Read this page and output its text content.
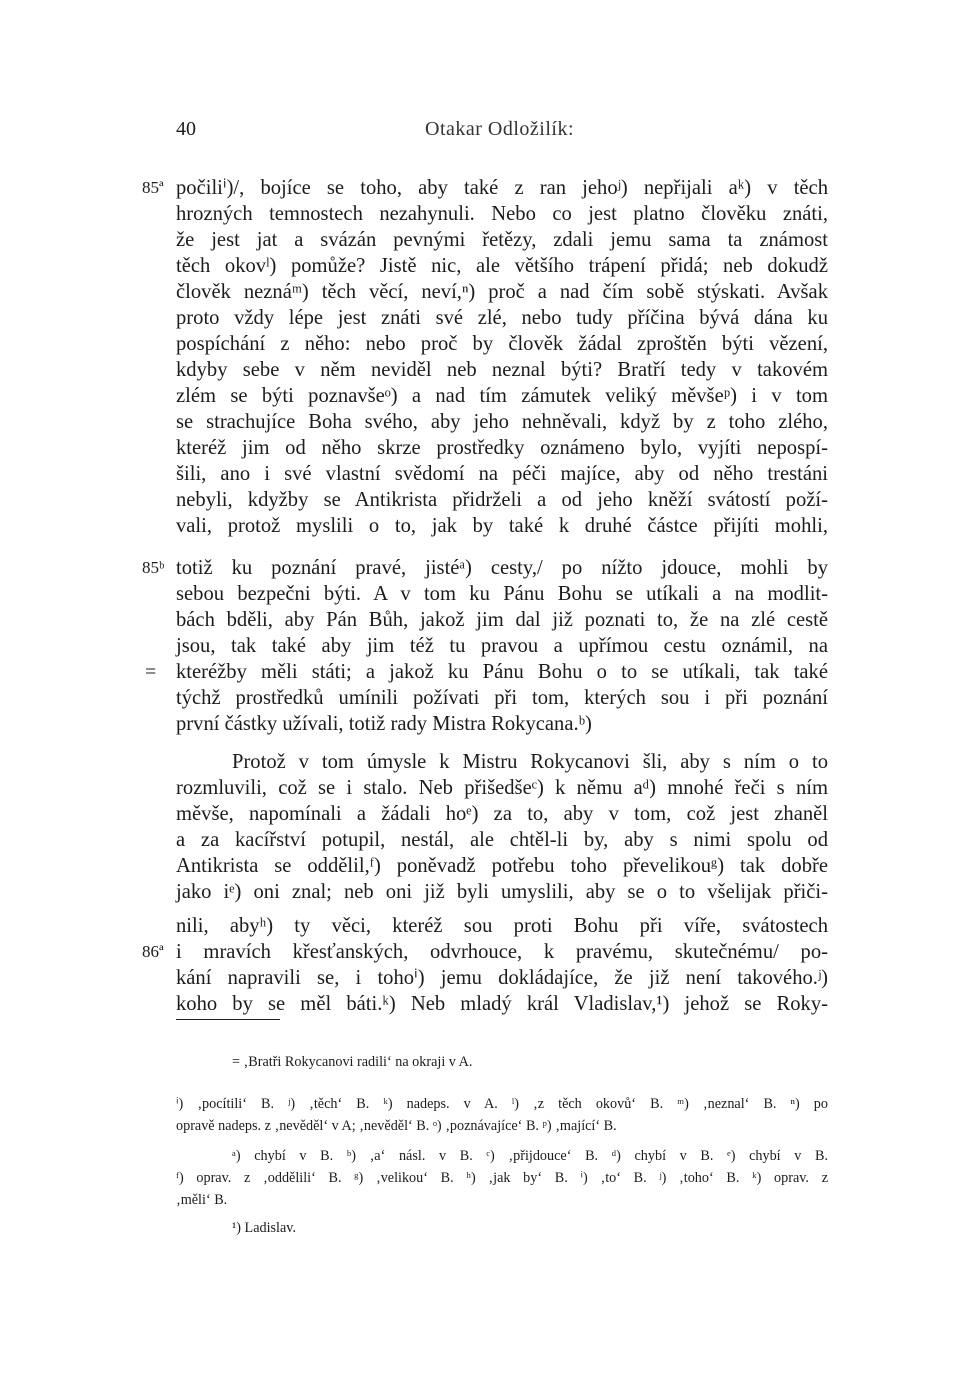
40	Otakar Odložilík:
85ª
85ᵇ
=
86ª
počiliⁱ)/, bojíce se toho, aby také z ran jehoʲ) nepřijali aᵏ) v těch
hrozných temnostech nezahynuli. Nebo co jest platno člověku znáti,
že jest jat a svázán pevnými řetězy, zdali jemu sama ta známost
těch okovˡ) pomůže? Jistě nic, ale většího trápení přidá; neb dokudž
člověk neznáᵐ) těch věcí, neví,ⁿ) proč a nad čím sobě stýskati. Avšak
proto vždy lépe jest znáti své zlé, nebo tudy příčina bývá dána ku
pospíchání z něho: nebo proč by člověk žádal zproštěn býti vězení,
kdyby sebe v něm neviděl neb neznal býti? Bratří tedy v takovém
zlém se býti poznavšeᵒ) a nad tím zámutek veliký měvšeᵖ) i v tom
se strachujíce Boha svého, aby jeho nehněvali, když by z toho zlého,
kteréž jim od něho skrze prostředky oznámeno bylo, vyjíti nepospí-
šili, ano i své vlastní svědomí na péči majíce, aby od něho trestáni
nebyli, kdyžby se Antikrista přidrželi a od jeho kněží svátostí poží-
vali, protož myslili o to, jak by také k druhé částce přijíti mohli,
totiž ku poznání pravé, jistéᵃ) cesty,/ po nížto jdouce, mohli by
sebou bezpečni býti. A v tom ku Pánu Bohu se utíkali a na modlit-
bách bděli, aby Pán Bůh, jakož jim dal již poznati to, že na zlé cestě
jsou, tak také aby jim též tu pravou a upřímou cestu oznámil, na
kteréžby měli státi; a jakož ku Pánu Bohu o to se utíkali, tak také
týchž prostředků umínili požívati při tom, kterých sou i při poznání
první částky užívali, totiž rady Mistra Rokycana.ᵇ)
Protož v tom úmysle k Mistru Rokycanovi šli, aby s ním o to
rozmluvili, což se i stalo. Neb přišedšeᶜ) k němu aᵈ) mnohé řeči s ním
měvše, napomínali a žádali hoᵉ) za to, aby v tom, což jest zhaněl
a za kacířství potupil, nestál, ale chtěl-li by, aby s nimi spolu od
Antikrista se oddělil,ᶠ) poněvadž potřebu toho převelikouᵍ) tak dobře
jako iᵉ) oni znal; neb oni již byli umyslili, aby se o to všelijak přiči-
nili, abyʰ) ty věci, kteréž sou proti Bohu při víře, svátostech
i mravích křesťanských, odvrhouce, k pravému, skutečnému/ po-
kání napravili se, i tohoⁱ) jemu dokládajíce, že již není takového.ʲ)
koho by se měl báti.ᵏ) Neb mladý král Vladislav,¹) jehož se Roky-
= ‚Bratři Rokycanovi radili‘ na okraji v A.
ⁱ) ‚pocítili‘ B. ʲ) ‚těch‘ B. ᵏ) nadeps. v A. ˡ) ‚z těch okovů‘ B. ᵐ) ‚neznal‘ B. ⁿ) po
opravě nadeps. z ‚nevěděl‘ v A; ‚nevěděl‘ B. ᵒ) ‚poznávajíce‘ B. ᵖ) ‚mající‘ B.
ᵃ) chybí v B. ᵇ) ‚a‘ násl. v B. ᶜ) ‚přijdouce‘ B. ᵈ) chybí v B. ᵉ) chybí v B.
ᶠ) oprav. z ‚oddělili‘ B. ᵍ) ‚velikou‘ B. ʰ) ‚jak by‘ B. ⁱ) ‚to‘ B. ʲ) ‚toho‘ B. ᵏ) oprav. z
‚měli‘ B.
¹) Ladislav.
